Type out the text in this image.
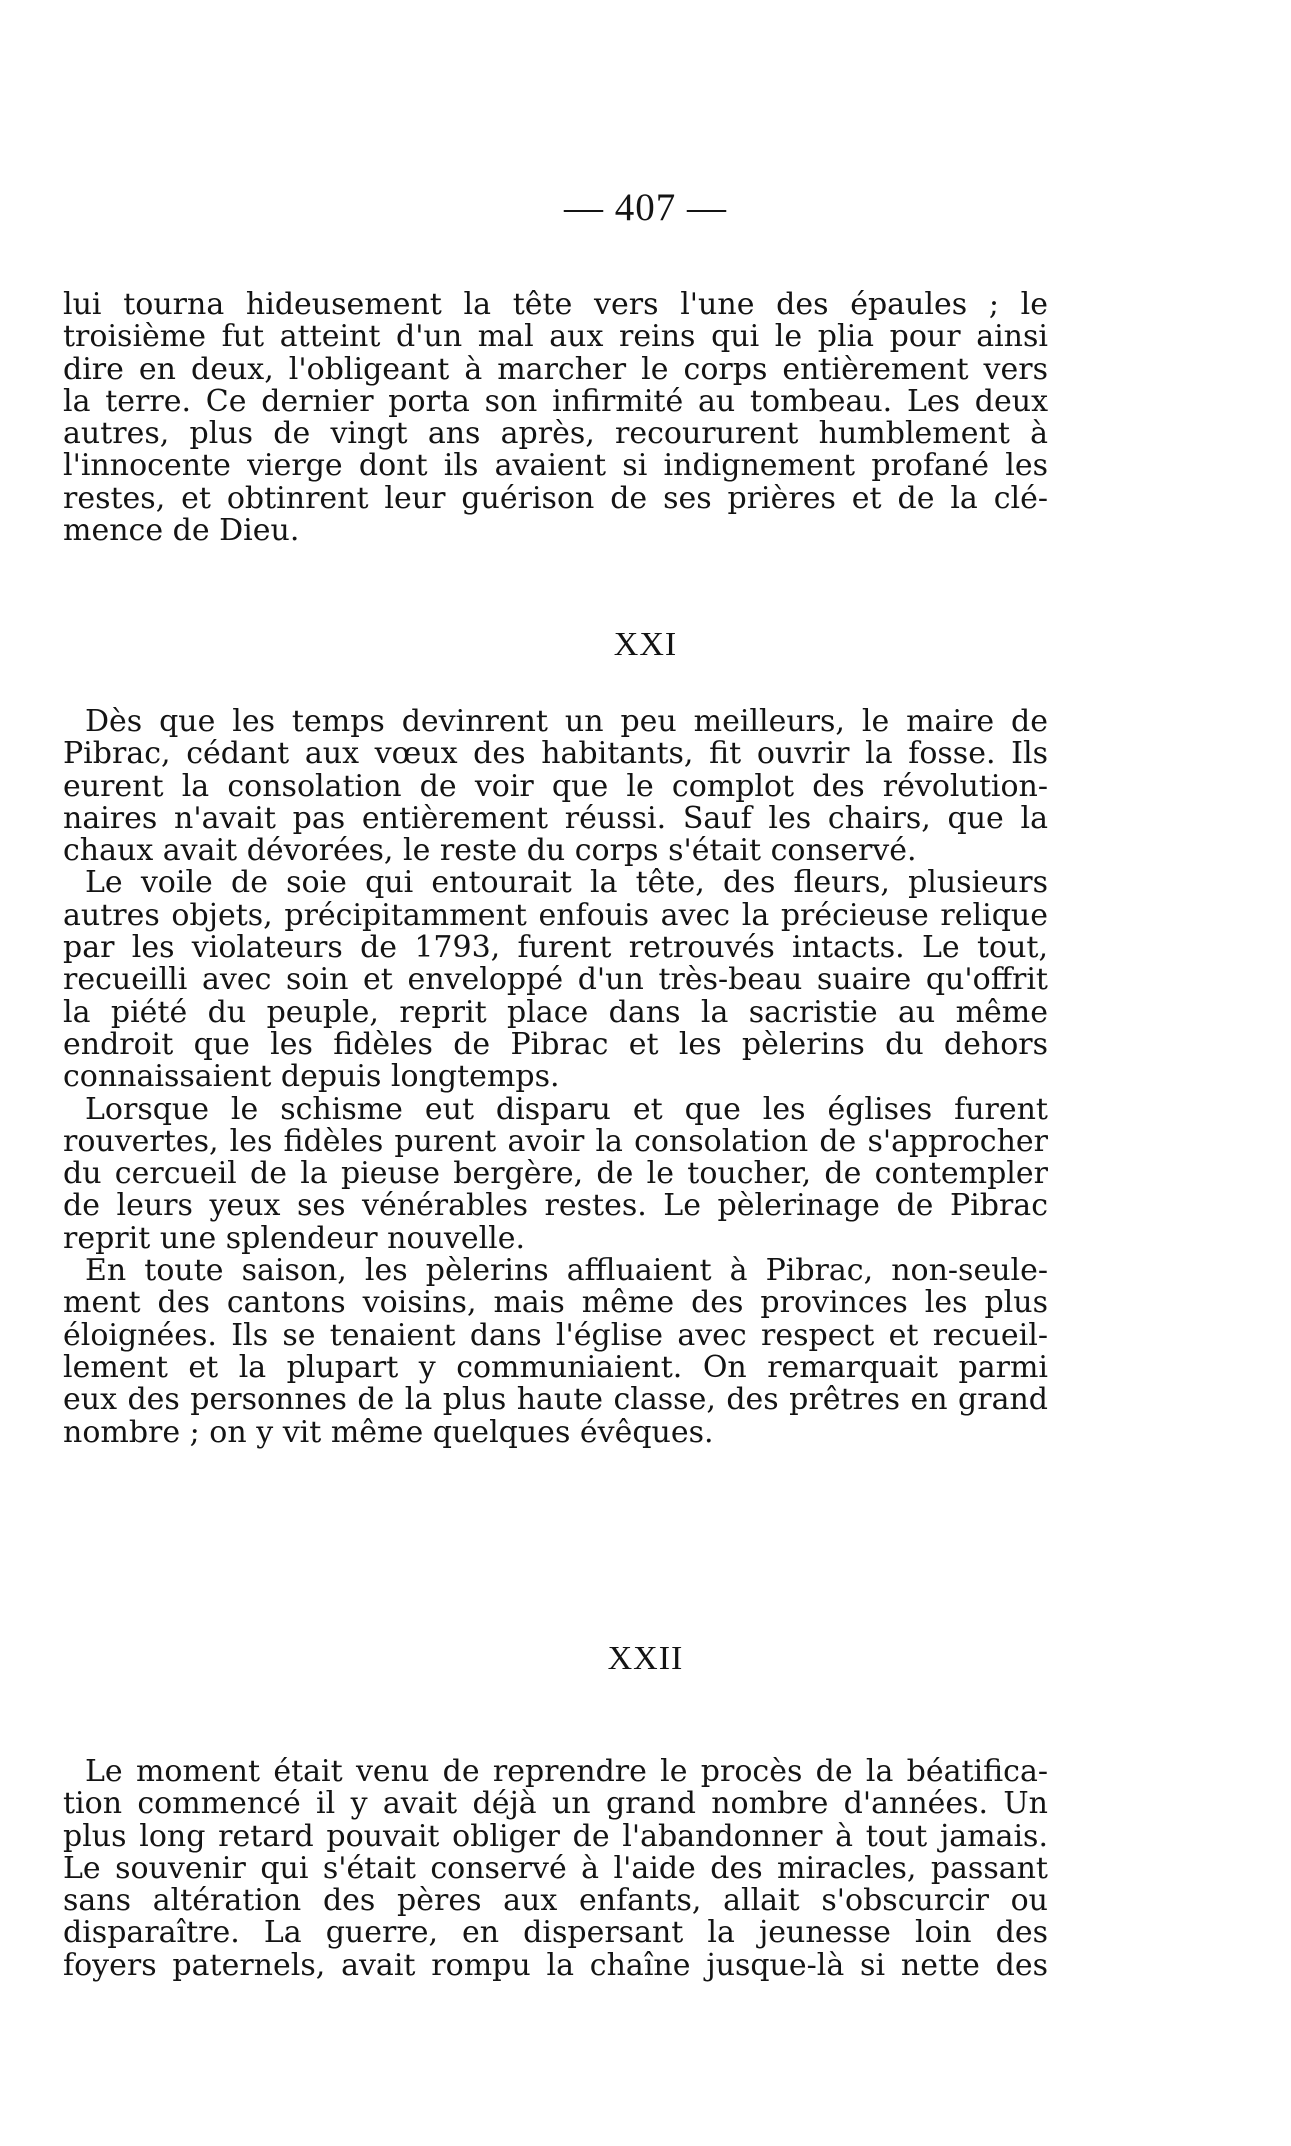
— 407 —
lui tourna hideusement la tête vers l'une des épaules ; le
troisième fut atteint d'un mal aux reins qui le plia pour ainsi
dire en deux, l'obligeant à marcher le corps entièrement vers
la terre. Ce dernier porta son infirmité au tombeau. Les deux
autres, plus de vingt ans après, recoururent humblement à
l'innocente vierge dont ils avaient si indignement profané les
restes, et obtinrent leur guérison de ses prières et de la clé-
mence de Dieu.
XXI
Dès que les temps devinrent un peu meilleurs, le maire de
Pibrac, cédant aux vœux des habitants, fit ouvrir la fosse. Ils
eurent la consolation de voir que le complot des révolution-
naires n'avait pas entièrement réussi. Sauf les chairs, que la
chaux avait dévorées, le reste du corps s'était conservé.
Le voile de soie qui entourait la tête, des fleurs, plusieurs
autres objets, précipitamment enfouis avec la précieuse relique
par les violateurs de 1793, furent retrouvés intacts. Le tout,
recueilli avec soin et enveloppé d'un très-beau suaire qu'offrit
la piété du peuple, reprit place dans la sacristie au même
endroit que les fidèles de Pibrac et les pèlerins du dehors
connaissaient depuis longtemps.
Lorsque le schisme eut disparu et que les églises furent
rouvertes, les fidèles purent avoir la consolation de s'approcher
du cercueil de la pieuse bergère, de le toucher, de contempler
de leurs yeux ses vénérables restes. Le pèlerinage de Pibrac
reprit une splendeur nouvelle.
En toute saison, les pèlerins affluaient à Pibrac, non-seule-
ment des cantons voisins, mais même des provinces les plus
éloignées. Ils se tenaient dans l'église avec respect et recueil-
lement et la plupart y communiaient. On remarquait parmi
eux des personnes de la plus haute classe, des prêtres en grand
nombre ; on y vit même quelques évêques.
XXII
Le moment était venu de reprendre le procès de la béatifica-
tion commencé il y avait déjà un grand nombre d'années. Un
plus long retard pouvait obliger de l'abandonner à tout jamais.
Le souvenir qui s'était conservé à l'aide des miracles, passant
sans altération des pères aux enfants, allait s'obscurcir ou
disparaître. La guerre, en dispersant la jeunesse loin des
foyers paternels, avait rompu la chaîne jusque-là si nette des
